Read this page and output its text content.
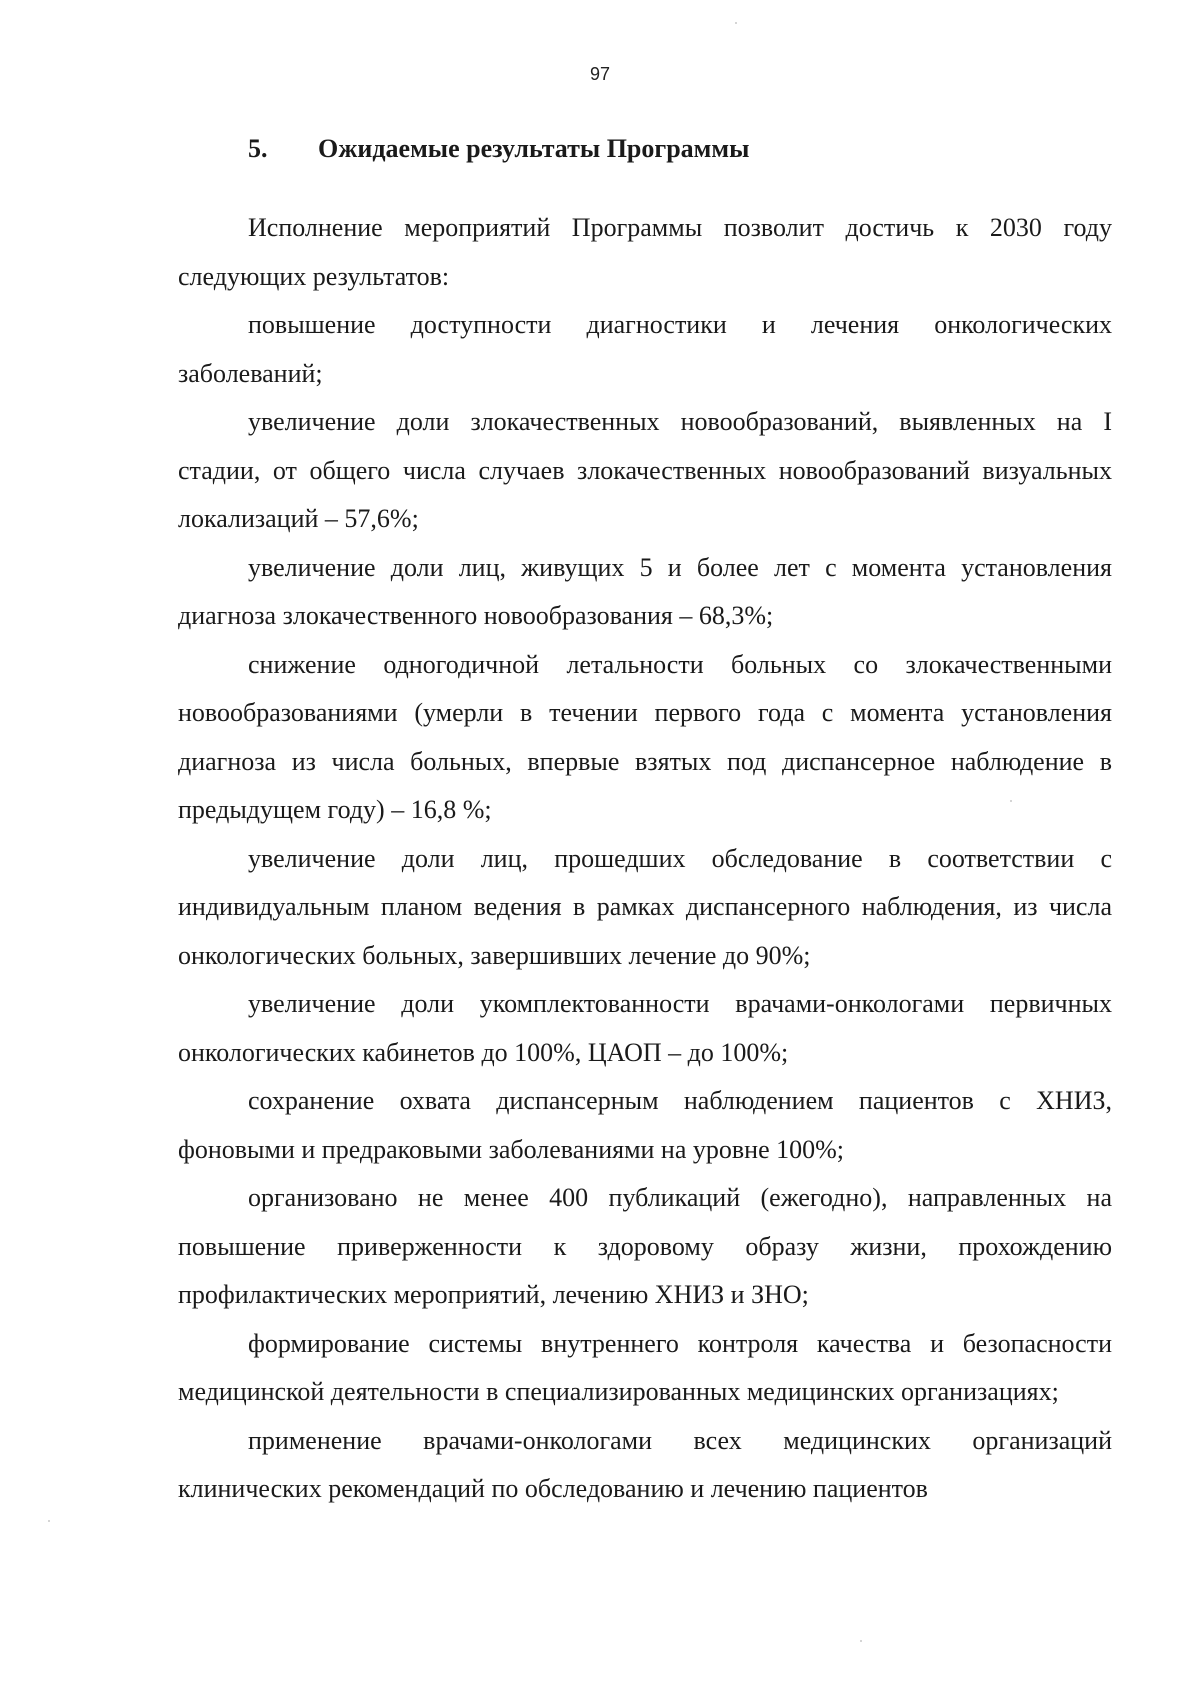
97
5. Ожидаемые результаты Программы

Исполнение мероприятий Программы позволит достичь к 2030 году следующих результатов:

повышение доступности диагностики и лечения онкологических заболеваний;

увеличение доли злокачественных новообразований, выявленных на I стадии, от общего числа случаев злокачественных новообразований визуальных локализаций – 57,6%;

увеличение доли лиц, живущих 5 и более лет с момента установления диагноза злокачественного новообразования – 68,3%;

снижение одногодичной летальности больных со злокачественными новообразованиями (умерли в течении первого года с момента установления диагноза из числа больных, впервые взятых под диспансерное наблюдение в предыдущем году) – 16,8 %;

увеличение доли лиц, прошедших обследование в соответствии с индивидуальным планом ведения в рамках диспансерного наблюдения, из числа онкологических больных, завершивших лечение до 90%;

увеличение доли укомплектованности врачами-онкологами первичных онкологических кабинетов до 100%, ЦАОП – до 100%;

сохранение охвата диспансерным наблюдением пациентов с ХНИЗ, фоновыми и предраковыми заболеваниями на уровне 100%;

организовано не менее 400 публикаций (ежегодно), направленных на повышение приверженности к здоровому образу жизни, прохождению профилактических мероприятий, лечению ХНИЗ и ЗНО;

формирование системы внутреннего контроля качества и безопасности медицинской деятельности в специализированных медицинских организациях;

применение врачами-онкологами всех медицинских организаций клинических рекомендаций по обследованию и лечению пациентов
